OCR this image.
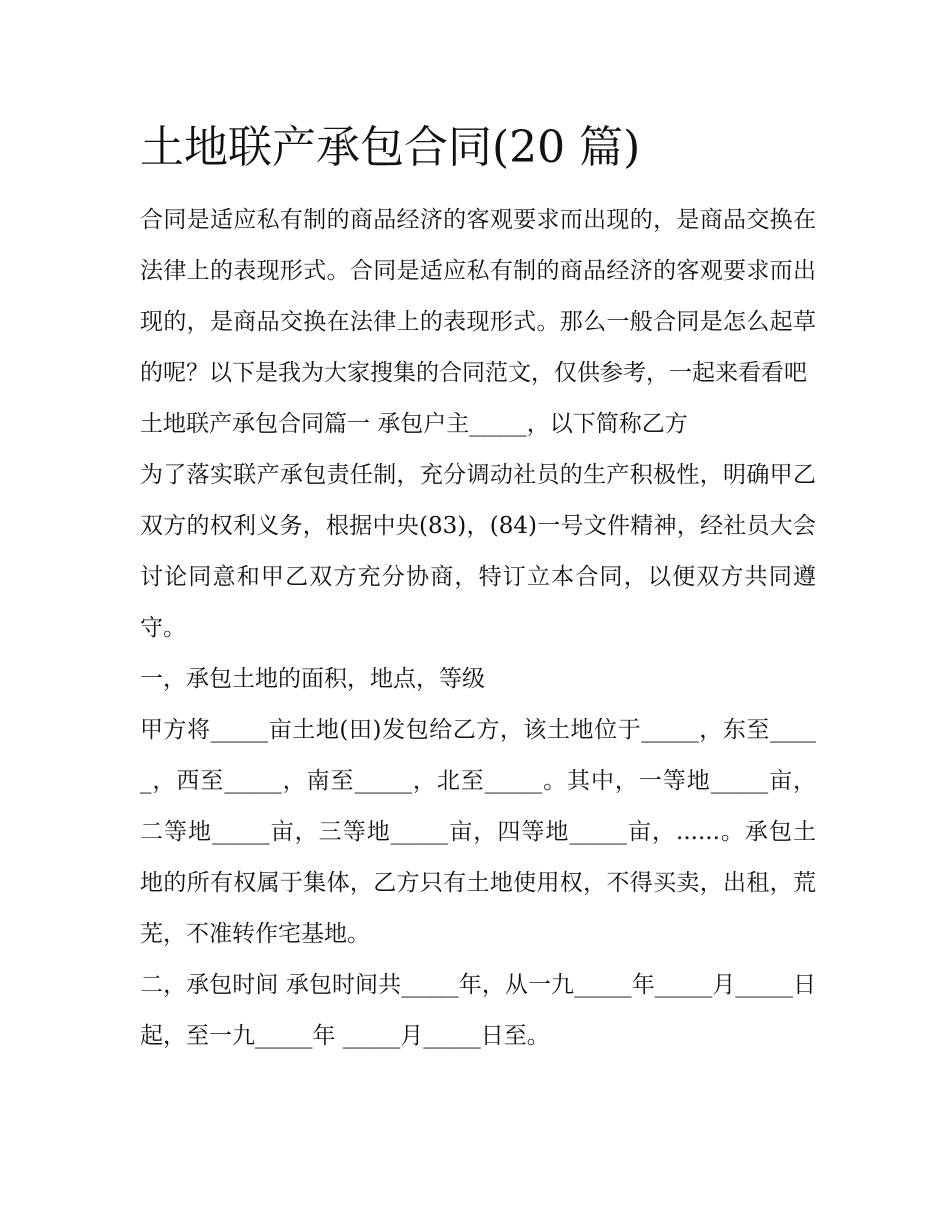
土地联产承包合同(20 篇)

合同是适应私有制的商品经济的客观要求而出现的，是商品交换在法律上的表现形式。合同是适应私有制的商品经济的客观要求而出现的，是商品交换在法律上的表现形式。那么一般合同是怎么起草的呢？以下是我为大家搜集的合同范文，仅供参考，一起来看看吧

土地联产承包合同篇一 承包户主_____，以下简称乙方

为了落实联产承包责任制，充分调动社员的生产积极性，明确甲乙双方的权利义务，根据中央(83)，(84)一号文件精神，经社员大会讨论同意和甲乙双方充分协商，特订立本合同，以便双方共同遵守。

一，承包土地的面积，地点，等级

甲方将_____亩土地(田)发包给乙方，该土地位于_____，东至_____，西至_____，南至_____，北至_____。其中，一等地_____亩，二等地_____亩，三等地_____亩，四等地_____亩，......。承包土地的所有权属于集体，乙方只有土地使用权，不得买卖，出租，荒芜，不准转作宅基地。

二，承包时间 承包时间共_____年，从一九_____年_____月_____日起，至一九_____年 _____月_____日至。
